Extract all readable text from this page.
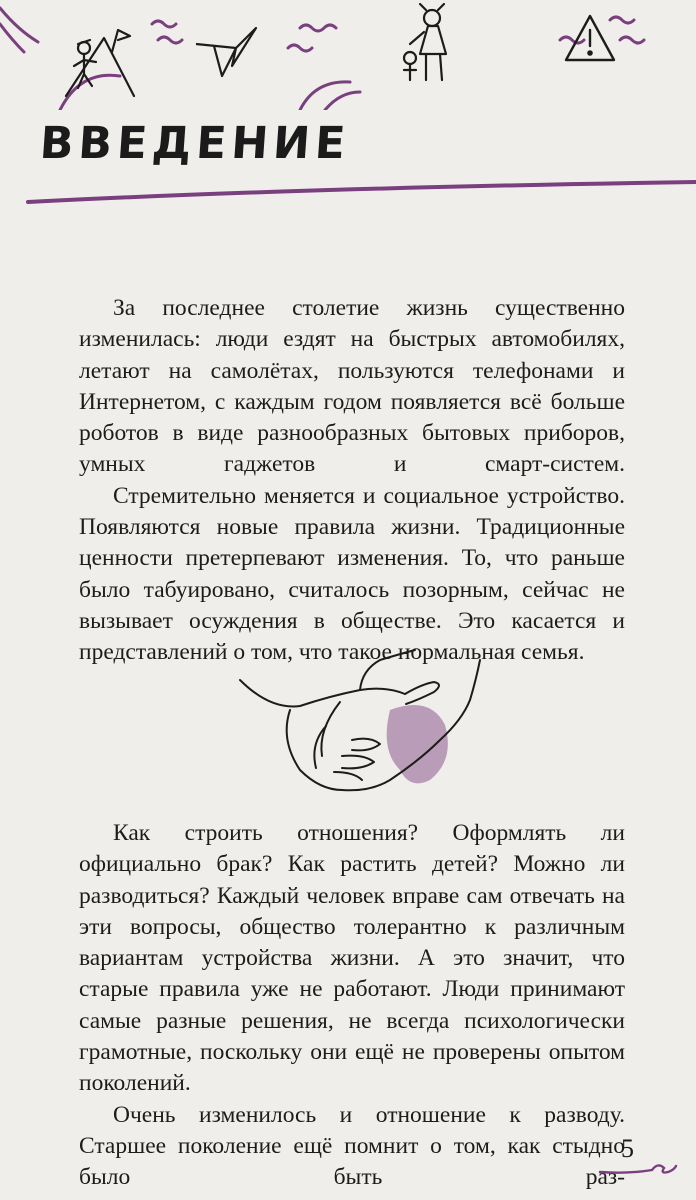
ВВЕДЕНИЕ

За последнее столетие жизнь существенно изменилась: люди ездят на быстрых автомобилях, летают на самолётах, пользуются телефонами и Интернетом, с каждым годом появляется всё больше роботов в виде разнообразных бытовых приборов, умных гаджетов и смарт-систем.

Стремительно меняется и социальное устройство. Появляются новые правила жизни. Традиционные ценности претерпевают изменения. То, что раньше было табуировано, считалось позорным, сейчас не вызывает осуждения в обществе. Это касается и представлений о том, что такое нормальная семья.

Как строить отношения? Оформлять ли официально брак? Как растить детей? Можно ли разводиться? Каждый человек вправе сам отвечать на эти вопросы, общество толерантно к различным вариантам устройства жизни. А это значит, что старые правила уже не работают. Люди принимают самые разные решения, не всегда психологически грамотные, поскольку они ещё не проверены опытом поколений.

Очень изменилось и отношение к разводу. Старшее поколение ещё помнит о том, как стыдно было быть раз-

5
